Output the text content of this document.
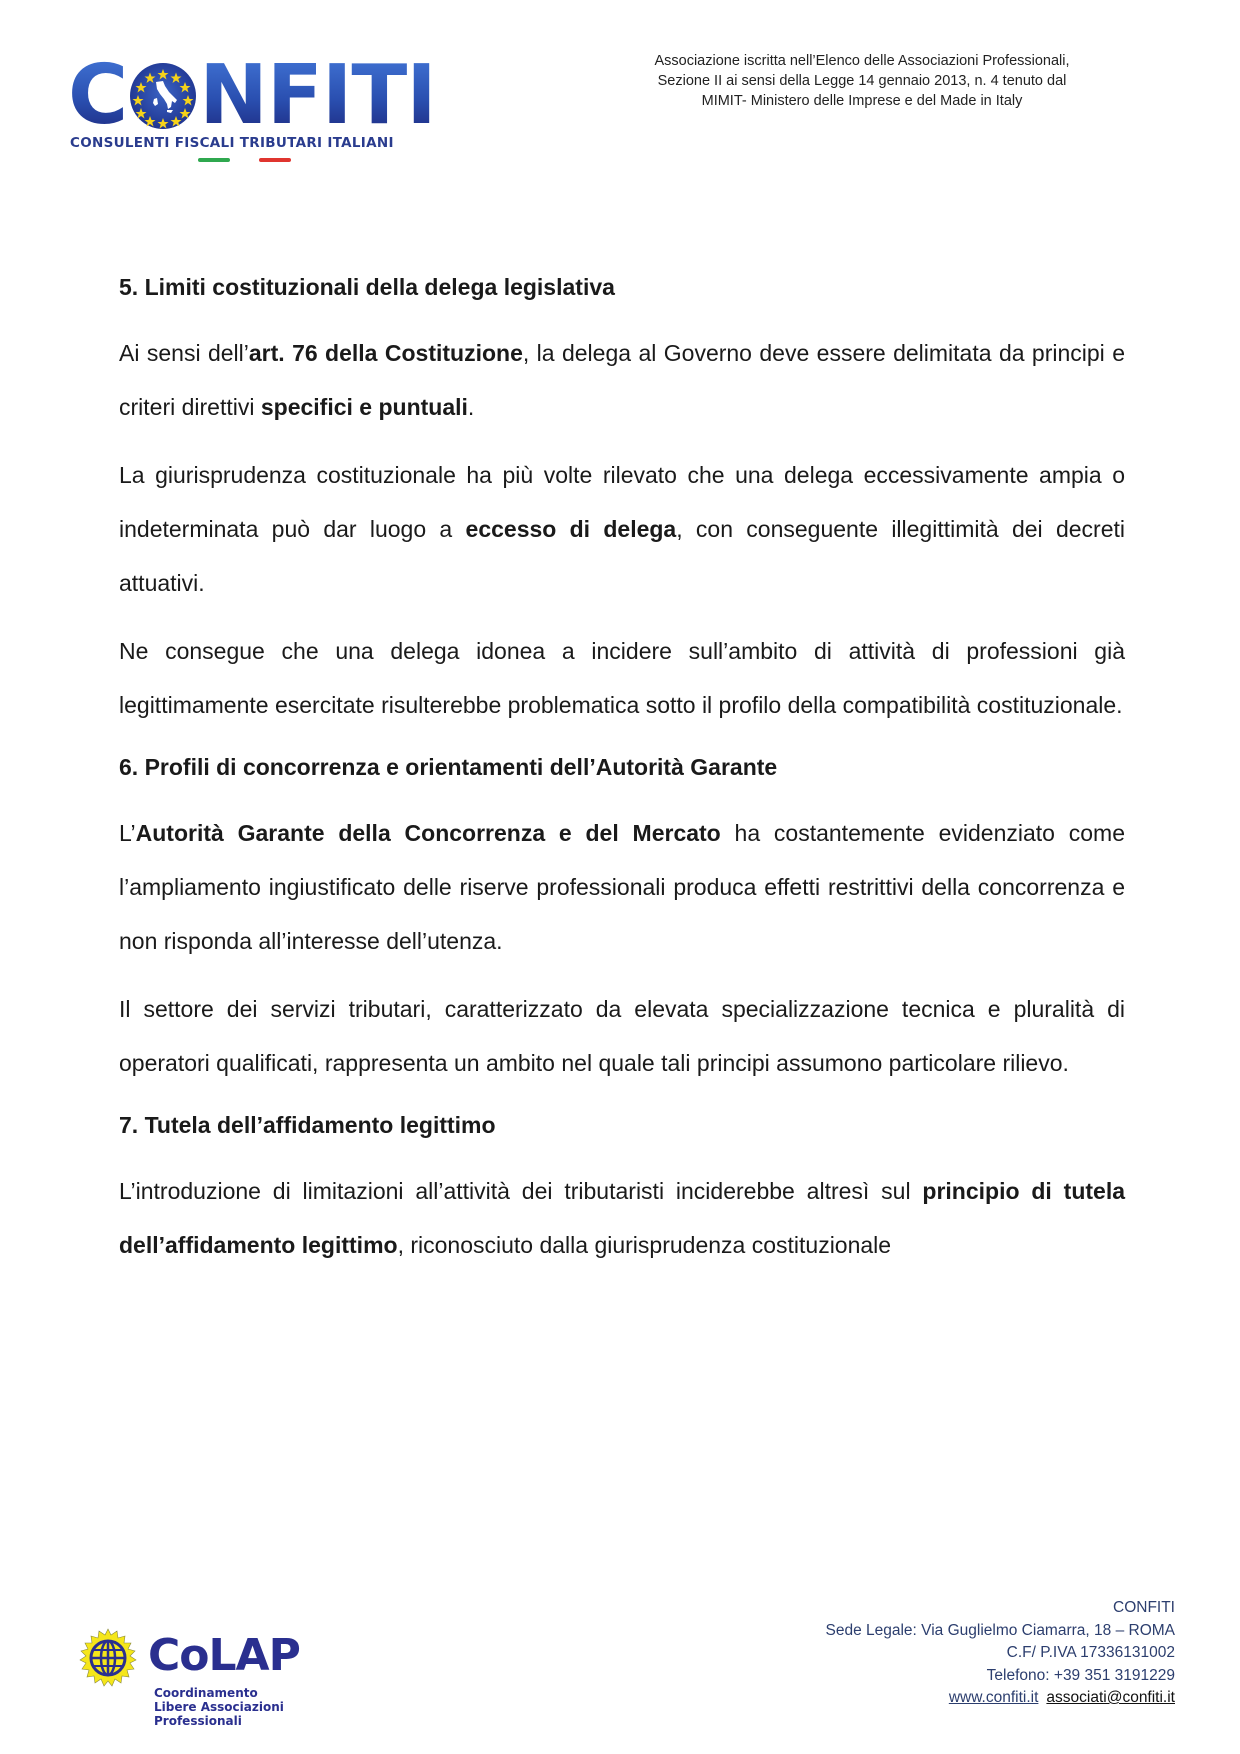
C NFITI
CONSULENTI FISCALI TRIBUTARI ITALIANI
Associazione iscritta nell’Elenco delle Associazioni Professionali,
Sezione II ai sensi della Legge 14 gennaio 2013, n. 4 tenuto dal
MIMIT- Ministero delle Imprese e del Made in Italy
5. Limiti costituzionali della delega legislativa

Ai sensi dell’art. 76 della Costituzione, la delega al Governo deve essere delimitata da principi e criteri direttivi specifici e puntuali.

La giurisprudenza costituzionale ha più volte rilevato che una delega eccessivamente ampia o indeterminata può dar luogo a eccesso di delega, con conseguente illegittimità dei decreti attuativi.

Ne consegue che una delega idonea a incidere sull’ambito di attività di professioni già legittimamente esercitate risulterebbe problematica sotto il profilo della compatibilità costituzionale.

6. Profili di concorrenza e orientamenti dell’Autorità Garante

L’Autorità Garante della Concorrenza e del Mercato ha costantemente evidenziato come l’ampliamento ingiustificato delle riserve professionali produca effetti restrittivi della concorrenza e non risponda all’interesse dell’utenza.

Il settore dei servizi tributari, caratterizzato da elevata specializzazione tecnica e pluralità di operatori qualificati, rappresenta un ambito nel quale tali principi assumono particolare rilievo.

7. Tutela dell’affidamento legittimo

L’introduzione di limitazioni all’attività dei tributaristi inciderebbe altresì sul principio di tutela dell’affidamento legittimo, riconosciuto dalla giurisprudenza costituzionale

CoLAP
Coordinamento
Libere Associazioni
Professionali
CONFITI
Sede Legale: Via Guglielmo Ciamarra, 18 – ROMA
C.F/ P.IVA 17336131002
Telefono: +39 351 3191229
www.confiti.it associati@confiti.it
